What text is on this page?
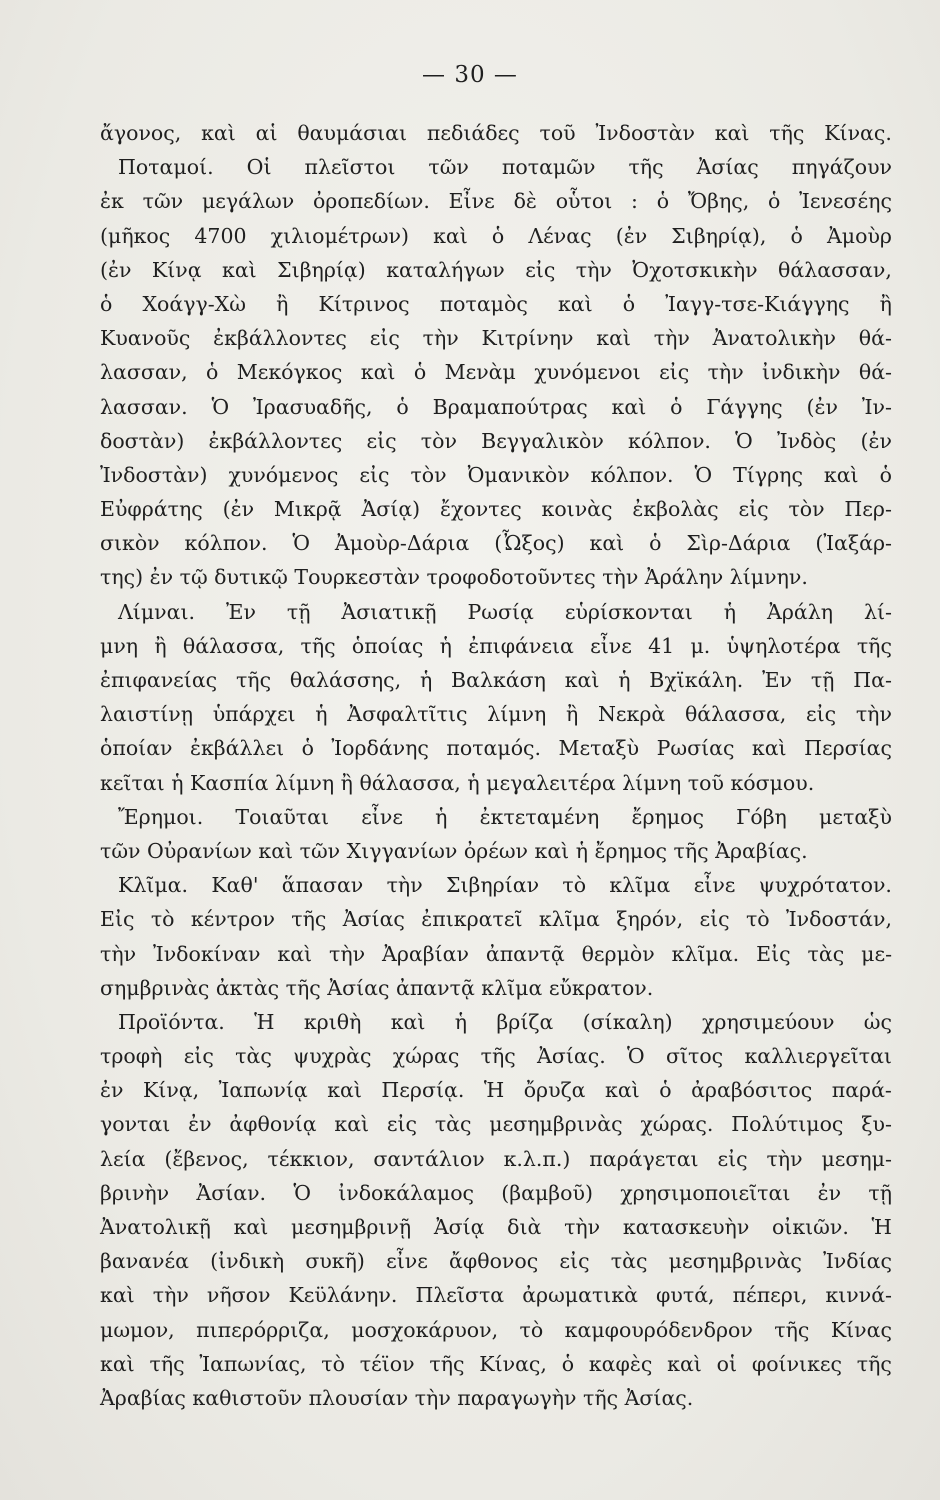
— 30 —
ἄγονος, καὶ αἱ θαυμάσιαι πεδιάδες τοῦ Ἰνδοστὰν καὶ τῆς Κίνας.
Ποταμοί. Οἱ πλεῖστοι τῶν ποταμῶν τῆς Ἀσίας πηγάζουν
ἐκ τῶν μεγάλων ὀροπεδίων. Εἶνε δὲ οὗτοι : ὁ Ὄβης, ὁ Ἰενεσέης
(μῆκος 4700 χιλιομέτρων) καὶ ὁ Λένας (ἐν Σιβηρίᾳ), ὁ Ἀμοὺρ
(ἐν Κίνᾳ καὶ Σιβηρίᾳ) καταλήγων εἰς τὴν Ὀχοτσκικὴν θάλασσαν,
ὁ Χοάγγ-Χὼ ἢ Κίτρινος ποταμὸς καὶ ὁ Ἰαγγ-τσε-Κιάγγης ἢ
Κυανοῦς ἐκβάλλοντες εἰς τὴν Κιτρίνην καὶ τὴν Ἀνατολικὴν θά-
λασσαν, ὁ Μεκόγκος καὶ ὁ Μενὰμ χυνόμενοι εἰς τὴν ἰνδικὴν θά-
λασσαν. Ὁ Ἰρασυαδῆς, ὁ Βραμαπούτρας καὶ ὁ Γάγγης (ἐν Ἰν-
δοστὰν) ἐκβάλλοντες εἰς τὸν Βεγγαλικὸν κόλπον. Ὁ Ἰνδὸς (ἐν
Ἰνδοστὰν) χυνόμενος εἰς τὸν Ὀμανικὸν κόλπον. Ὁ Τίγρης καὶ ὁ
Εὐφράτης (ἐν Μικρᾷ Ἀσίᾳ) ἔχοντες κοινὰς ἐκβολὰς εἰς τὸν Περ-
σικὸν κόλπον. Ὁ Ἀμοὺρ-Δάρια (Ὦξος) καὶ ὁ Σὶρ-Δάρια (Ἰαξάρ-
της) ἐν τῷ δυτικῷ Τουρκεστὰν τροφοδοτοῦντες τὴν Ἀράλην λίμνην.
Λίμναι. Ἐν τῇ Ἀσιατικῇ Ρωσίᾳ εὑρίσκονται ἡ Ἀράλη λί-
μνη ἢ θάλασσα, τῆς ὁποίας ἡ ἐπιφάνεια εἶνε 41 μ. ὑψηλοτέρα τῆς
ἐπιφανείας τῆς θαλάσσης, ἡ Βαλκάση καὶ ἡ Βχϊκάλη. Ἐν τῇ Πα-
λαιστίνῃ ὑπάρχει ἡ Ἀσφαλτῖτις λίμνη ἢ Νεκρὰ θάλασσα, εἰς τὴν
ὁποίαν ἐκβάλλει ὁ Ἰορδάνης ποταμός. Μεταξὺ Ρωσίας καὶ Περσίας
κεῖται ἡ Κασπία λίμνη ἢ θάλασσα, ἡ μεγαλειτέρα λίμνη τοῦ κόσμου.
Ἔρημοι. Τοιαῦται εἶνε ἡ ἐκτεταμένη ἔρημος Γόβη μεταξὺ
τῶν Οὐρανίων καὶ τῶν Χιγγανίων ὀρέων καὶ ἡ ἔρημος τῆς Ἀραβίας.
Κλῖμα. Καθ' ἅπασαν τὴν Σιβηρίαν τὸ κλῖμα εἶνε ψυχρότατον.
Εἰς τὸ κέντρον τῆς Ἀσίας ἐπικρατεῖ κλῖμα ξηρόν, εἰς τὸ Ἰνδοστάν,
τὴν Ἰνδοκίναν καὶ τὴν Ἀραβίαν ἀπαντᾷ θερμὸν κλῖμα. Εἰς τὰς με-
σημβρινὰς ἀκτὰς τῆς Ἀσίας ἀπαντᾷ κλῖμα εὔκρατον.
Προϊόντα. Ἡ κριθὴ καὶ ἡ βρίζα (σίκαλη) χρησιμεύουν ὡς
τροφὴ εἰς τὰς ψυχρὰς χώρας τῆς Ἀσίας. Ὁ σῖτος καλλιεργεῖται
ἐν Κίνᾳ, Ἰαπωνίᾳ καὶ Περσίᾳ. Ἡ ὄρυζα καὶ ὁ ἀραβόσιτος παρά-
γονται ἐν ἀφθονίᾳ καὶ εἰς τὰς μεσημβρινὰς χώρας. Πολύτιμος ξυ-
λεία (ἔβενος, τέκκιον, σαντάλιον κ.λ.π.) παράγεται εἰς τὴν μεσημ-
βρινὴν Ἀσίαν. Ὁ ἰνδοκάλαμος (βαμβοῦ) χρησιμοποιεῖται ἐν τῇ
Ἀνατολικῇ καὶ μεσημβρινῇ Ἀσίᾳ διὰ τὴν κατασκευὴν οἰκιῶν. Ἡ
βανανέα (ἰνδικὴ συκῆ) εἶνε ἄφθονος εἰς τὰς μεσημβρινὰς Ἰνδίας
καὶ τὴν νῆσον Κεϋλάνην. Πλεῖστα ἀρωματικὰ φυτά, πέπερι, κιννά-
μωμον, πιπερόρριζα, μοσχοκάρυον, τὸ καμφουρόδενδρον τῆς Κίνας
καὶ τῆς Ἰαπωνίας, τὸ τέϊον τῆς Κίνας, ὁ καφὲς καὶ οἱ φοίνικες τῆς
Ἀραβίας καθιστοῦν πλουσίαν τὴν παραγωγὴν τῆς Ἀσίας.
